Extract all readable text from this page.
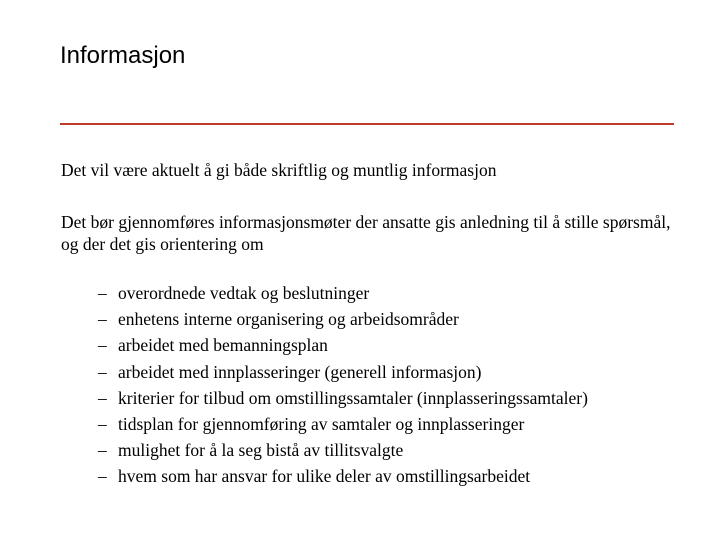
Informasjon
Det vil være aktuelt å gi både skriftlig og muntlig informasjon
Det bør gjennomføres informasjonsmøter der ansatte gis anledning til å stille spørsmål, og der det gis orientering om
– overordnede vedtak og beslutninger
– enhetens interne organisering og arbeidsområder
– arbeidet med bemanningsplan
– arbeidet med innplasseringer (generell informasjon)
– kriterier for tilbud om omstillingssamtaler (innplasseringssamtaler)
– tidsplan for gjennomføring av samtaler og innplasseringer
– mulighet for å la seg bistå av tillitsvalgte
– hvem som har ansvar for ulike deler av omstillingsarbeidet
